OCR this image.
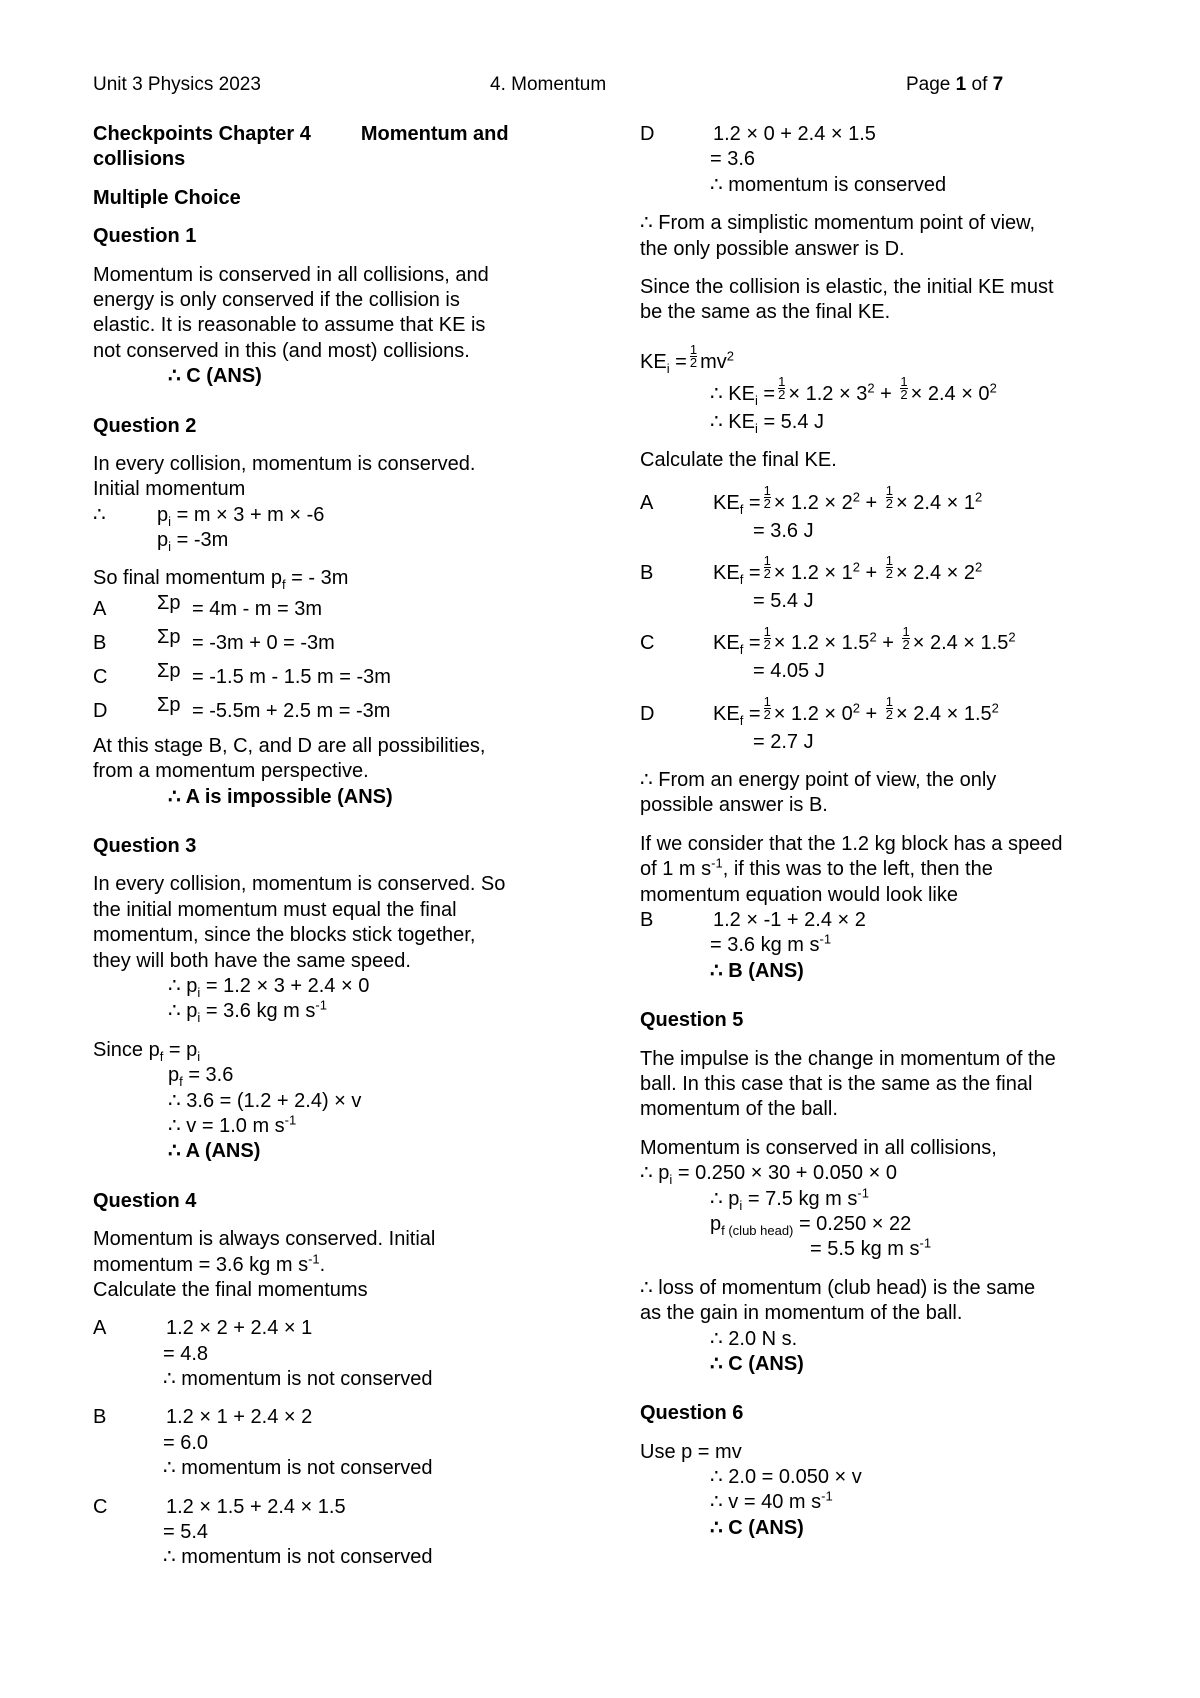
Unit 3 Physics 2023	4. Momentum	Page 1 of 7
Checkpoints Chapter 4	Momentum and
collisions
Multiple Choice
Question 1
Momentum is conserved in all collisions, and
energy is only conserved if the collision is
elastic. It is reasonable to assume that KE is
not conserved in this (and most) collisions.
∴ C (ANS)
Question 2
In every collision, momentum is conserved.
Initial momentum
∴	$p_i = m \times 3 + m \times -6$
$p_i = -3m$
So final momentum $p_f$ = - 3m
A	Σp = 4m - m = 3m
B	Σp = -3m + 0 = -3m
C Σp = -1.5 m - 1.5 m = -3m
D Σp = -5.5m + 2.5 m = -3m
At this stage B, C, and D are all possibilities,
from a momentum perspective.
∴ A is impossible (ANS)
Question 3
In every collision, momentum is conserved. So
the initial momentum must equal the final
momentum, since the blocks stick together,
they will both have the same speed.
∴ $p_i = 1.2 \times 3 + 2.4 \times 0$
∴ $p_i = 3.6$ kg m $s^{-1}$
Since $p_f = p_i$
$p_f = 3.6$
∴ 3.6 = (1.2 + 2.4) × v
∴ v = 1.0 m $s^{-1}$
∴ A (ANS)
Question 4
Momentum is always conserved. Initial
momentum = 3.6 kg m $s^{-1}$.
Calculate the final momentums
A	1.2 × 2 + 2.4 × 1
= 4.8
∴ momentum is not conserved
B	1.2 × 1 + 2.4 × 2
= 6.0
∴ momentum is not conserved
C	1.2 × 1.5 + 2.4 × 1.5
= 5.4
∴ momentum is not conserved
D	1.2 × 0 + 2.4 × 1.5
= 3.6
∴ momentum is conserved
∴ From a simplistic momentum point of view,
the only possible answer is D.
Since the collision is elastic, the initial KE must
be the same as the final KE.
$KE_i = \frac{1}{2} mv^2$
∴ $KE_i = \frac{1}{2} \times 1.2 \times 3^2 + \frac{1}{2} \times 2.4 \times 0^2$
∴ $KE_i = 5.4$ J
Calculate the final KE.
A	$KE_f = \frac{1}{2} \times 1.2 \times 2^2 + \frac{1}{2} \times 2.4 \times 1^2$
= 3.6 J
B	$KE_f = \frac{1}{2} \times 1.2 \times 1^2 + \frac{1}{2} \times 2.4 \times 2^2$
= 5.4 J
C	$KE_f = \frac{1}{2} \times 1.2 \times 1.5^2 + \frac{1}{2} \times 2.4 \times 1.5^2$
= 4.05 J
D	$KE_f = \frac{1}{2} \times 1.2 \times 0^2 + \frac{1}{2} \times 2.4 \times 1.5^2$
= 2.7 J
∴ From an energy point of view, the only
possible answer is B.
If we consider that the 1.2 kg block has a speed
of 1 m $s^{-1}$, if this was to the left, then the
momentum equation would look like
B	1.2 × -1 + 2.4 × 2
= 3.6 kg m $s^{-1}$
∴ B (ANS)
Question 5
The impulse is the change in momentum of the
ball. In this case that is the same as the final
momentum of the ball.
Momentum is conserved in all collisions,
∴ $p_i = 0.250 \times 30 + 0.050 \times 0$
∴ $p_i = 7.5$ kg m $s^{-1}$
$p_{f (club head)} = 0.250 \times 22$
= 5.5 kg m $s^{-1}$
∴ loss of momentum (club head) is the same
as the gain in momentum of the ball.
∴ 2.0 N s.
∴ C (ANS)
Question 6
Use p = mv
∴ 2.0 = 0.050 × v
∴ v = 40 m $s^{-1}$
∴ C (ANS)
